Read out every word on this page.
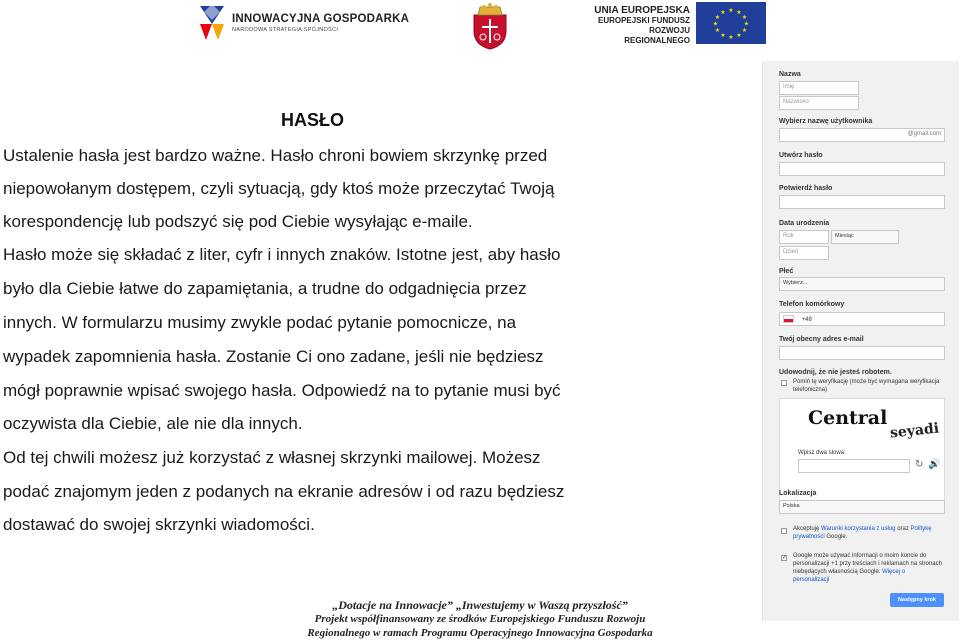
INNOWACYJNA GOSPODARKA
NARODOWA STRATEGIA SPÓJNOŚCI
UNIA EUROPEJSKA
EUROPEJSKI FUNDUSZ
ROZWOJU REGIONALNEGO
★ ★
★
★
★
★
★
★
★
★
★
★
HASŁO
Ustalenie hasła jest bardzo ważne. Hasło chroni bowiem skrzynkę przed
niepowołanym dostępem, czyli sytuacją, gdy ktoś może przeczytać Twoją
korespondencję lub podszyć się pod Ciebie wysyłając e-maile.
Hasło może się składać z liter, cyfr i innych znaków. Istotne jest, aby hasło
było dla Ciebie łatwe do zapamiętania, a trudne do odgadnięcia przez
innych. W formularzu musimy zwykle podać pytanie pomocnicze, na
wypadek zapomnienia hasła. Zostanie Ci ono zadane, jeśli nie będziesz
mógł poprawnie wpisać swojego hasła. Odpowiedź na to pytanie musi być
oczywista dla Ciebie, ale nie dla innych.
Od tej chwili możesz już korzystać z własnej skrzynki mailowej. Możesz
podać znajomym jeden z podanych na ekranie adresów i od razu będziesz
dostawać do swojej skrzynki wiadomości.
Nazwa
Imię
Nazwisko
Wybierz nazwę użytkownika
@gmail.com
Utwórz hasło
Potwierdź hasło
Data urodzenia
Rok	Miesiąc
Dzień
Płeć
Wybierz...
Telefon komórkowy
+48
Twój obecny adres e-mail
Udowodnij, że nie jesteś robotem.
Pomiń tę weryfikację (może być wymagana weryfikacja telefoniczna)
Central
seyadi
Wpisz dwa słowa:
↻ 🔊
Lokalizacja
Polska
Akceptuję Warunki korzystania z usług oraz Politykę prywatności Google.
✓ Google może używać informacji o moim koncie do personalizacji +1 przy treściach i reklamach na stronach niebędących własnością Google. Więcej o personalizacji
Następny krok
„Dotacje na Innowacje” „Inwestujemy w Waszą przyszłość”
Projekt współfinansowany ze środków Europejskiego Funduszu Rozwoju
Regionalnego w ramach Programu Operacyjnego Innowacyjna Gospodarka
